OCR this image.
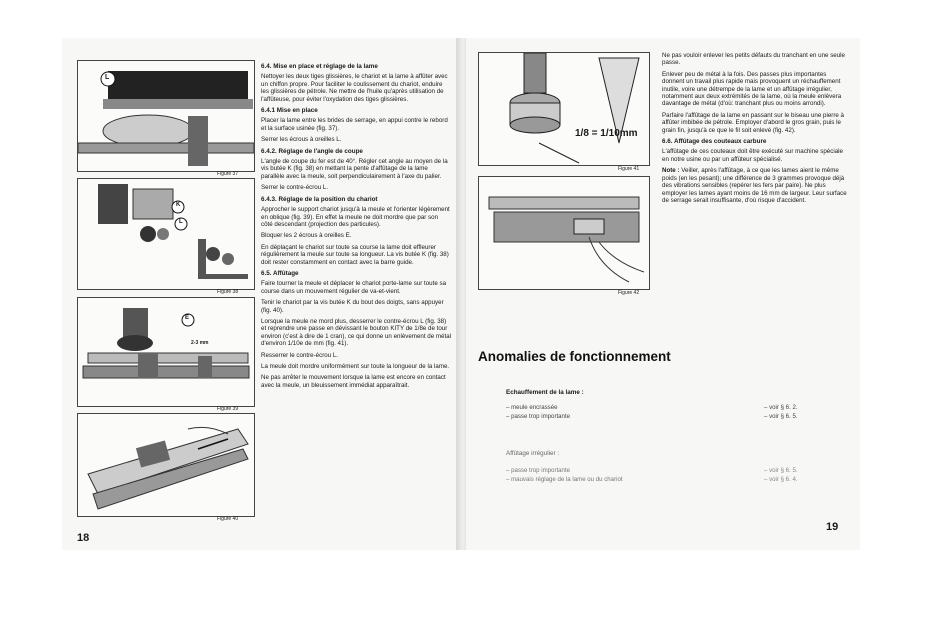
L
Figure 37
K
L
Figure 38
E
2-3 mm
Figure 39
Figure 40
6.4. Mise en place et réglage de la lame

Nettoyer les deux tiges glissières, le chariot et la lame à affûter avec un chiffon propre. Pour faciliter le coulissement du chariot, enduire les glissières de pétrole. Ne mettre de l'huile qu'après utilisation de l'affûteuse, pour éviter l'oxydation des tiges glissières.

6.4.1 Mise en place

Placer la lame entre les brides de serrage, en appui contre le rebord et la surface usinée (fig. 37).

Serrer les écrous à oreilles L.

6.4.2. Réglage de l'angle de coupe

L'angle de coupe du fer est de 40°. Régler cet angle au moyen de la vis butée K (fig. 38) en mettant la pente d'affûtage de la lame parallèle avec la meule, soit perpendiculairement à l'axe du palier.

Serrer le contre-écrou L.

6.4.3. Réglage de la position du chariot

Approcher le support chariot jusqu'à la meule et l'orienter légèrement en oblique (fig. 39). En effet la meule ne doit mordre que par son côté descendant (projection des particules).

Bloquer les 2 écrous à oreilles E.

En déplaçant le chariot sur toute sa course la lame doit effleurer régulièrement la meule sur toute sa longueur. La vis butée K (fig. 38) doit rester constamment en contact avec la barre guide.

6.5. Affûtage

Faire tourner la meule et déplacer le chariot porte-lame sur toute sa course dans un mouvement régulier de va-et-vient.

Tenir le chariot par la vis butée K du bout des doigts, sans appuyer (fig. 40).

Lorsque la meule ne mord plus, desserrer le contre-écrou L (fig. 38) et reprendre une passe en dévissant le bouton KITY de 1/8e de tour environ (c'est à dire de 1 cran), ce qui donne un enlèvement de métal d'environ 1/10e de mm (fig. 41).

Resserrer le contre-écrou L.

La meule doit mordre uniformément sur toute la longueur de la lame.

Ne pas arrêter le mouvement lorsque la lame est encore en contact avec la meule, un bleuissement immédiat apparaîtrait.

18
1/8 = 1/10mm
Figure 41
Figure 42

Ne pas vouloir enlever les petits défauts du tranchant en une seule passe.

Enlever peu de métal à la fois. Des passes plus importantes donnent un travail plus rapide mais provoquent un réchauffement inutile, voire une détrempe de la lame et un affûtage irrégulier, notamment aux deux extrémités de la lame, où la meule enlèvera davantage de métal (d'où: tranchant plus ou moins arrondi).

Parfaire l'affûtage de la lame en passant sur le biseau une pierre à affûter imbibée de pétrole. Employer d'abord le gros grain, puis le grain fin, jusqu'à ce que le fil soit enlevé (fig. 42).

6.6. Affûtage des couteaux carbure

L'affûtage de ces couteaux doit être exécuté sur machine spéciale en notre usine ou par un affûteur spécialisé.

Note : Veiller, après l'affûtage, à ce que les lames aient le même poids (en les pesant); une différence de 3 grammes provoque déjà des vibrations sensibles (repérer les fers par paire). Ne plus employer les lames ayant moins de 16 mm de largeur. Leur surface de serrage serait insuffisante, d'où risque d'accident.

Anomalies de fonctionnement
Echauffement de la lame :
– meule encrassée	– voir § 6. 2.
– passe trop importante	– voir § 6. 5.
Affûtage irrégulier :
– passe trop importante	– voir § 6. 5.
– mauvais réglage de la lame ou du chariot	– voir § 6. 4.
19
